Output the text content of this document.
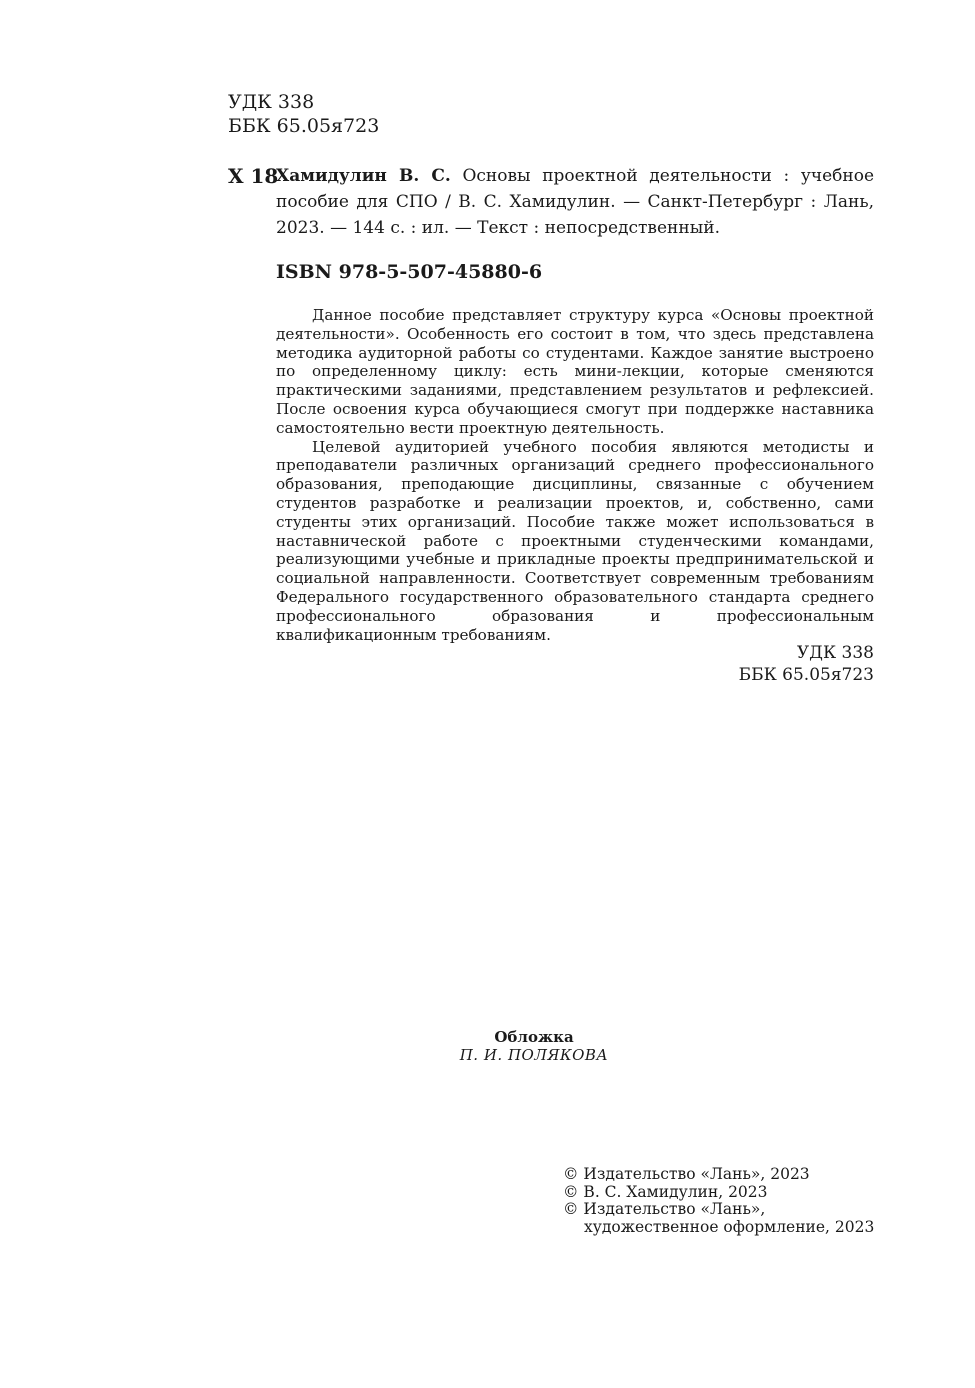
УДК 338
ББК 65.05я723
Х 18
Хамидулин В. С. Основы проектной деятельности : учебное пособие для СПО / В. С. Хамидулин. — Санкт-Петербург : Лань, 2023. — 144 с. : ил. — Текст : непосредственный.
ISBN 978-5-507-45880-6

Данное пособие представляет структуру курса «Основы проектной деятельности». Особенность его состоит в том, что здесь представлена методика аудиторной работы со студентами. Каждое занятие выстроено по определенному циклу: есть мини-лекции, которые сменяются практическими заданиями, представлением результатов и рефлексией. После освоения курса обучающиеся смогут при поддержке наставника самостоятельно вести проектную деятельность.

Целевой аудиторией учебного пособия являются методисты и преподаватели различных организаций среднего профессионального образования, преподающие дисциплины, связанные с обучением студентов разработке и реализации проектов, и, собственно, сами студенты этих организаций. Пособие также может использоваться в наставнической работе с проектными студенческими командами, реализующими учебные и прикладные проекты предпринимательской и социальной направленности. Соответствует современным требованиям Федерального государственного образовательного стандарта среднего профессионального образования и профессиональным квалификационным требованиям.

УДК 338
ББК 65.05я723
Обложка
П. И. ПОЛЯКОВА
© Издательство «Лань», 2023
© В. С. Хамидулин, 2023
© Издательство «Лань»,
художественное оформление, 2023
